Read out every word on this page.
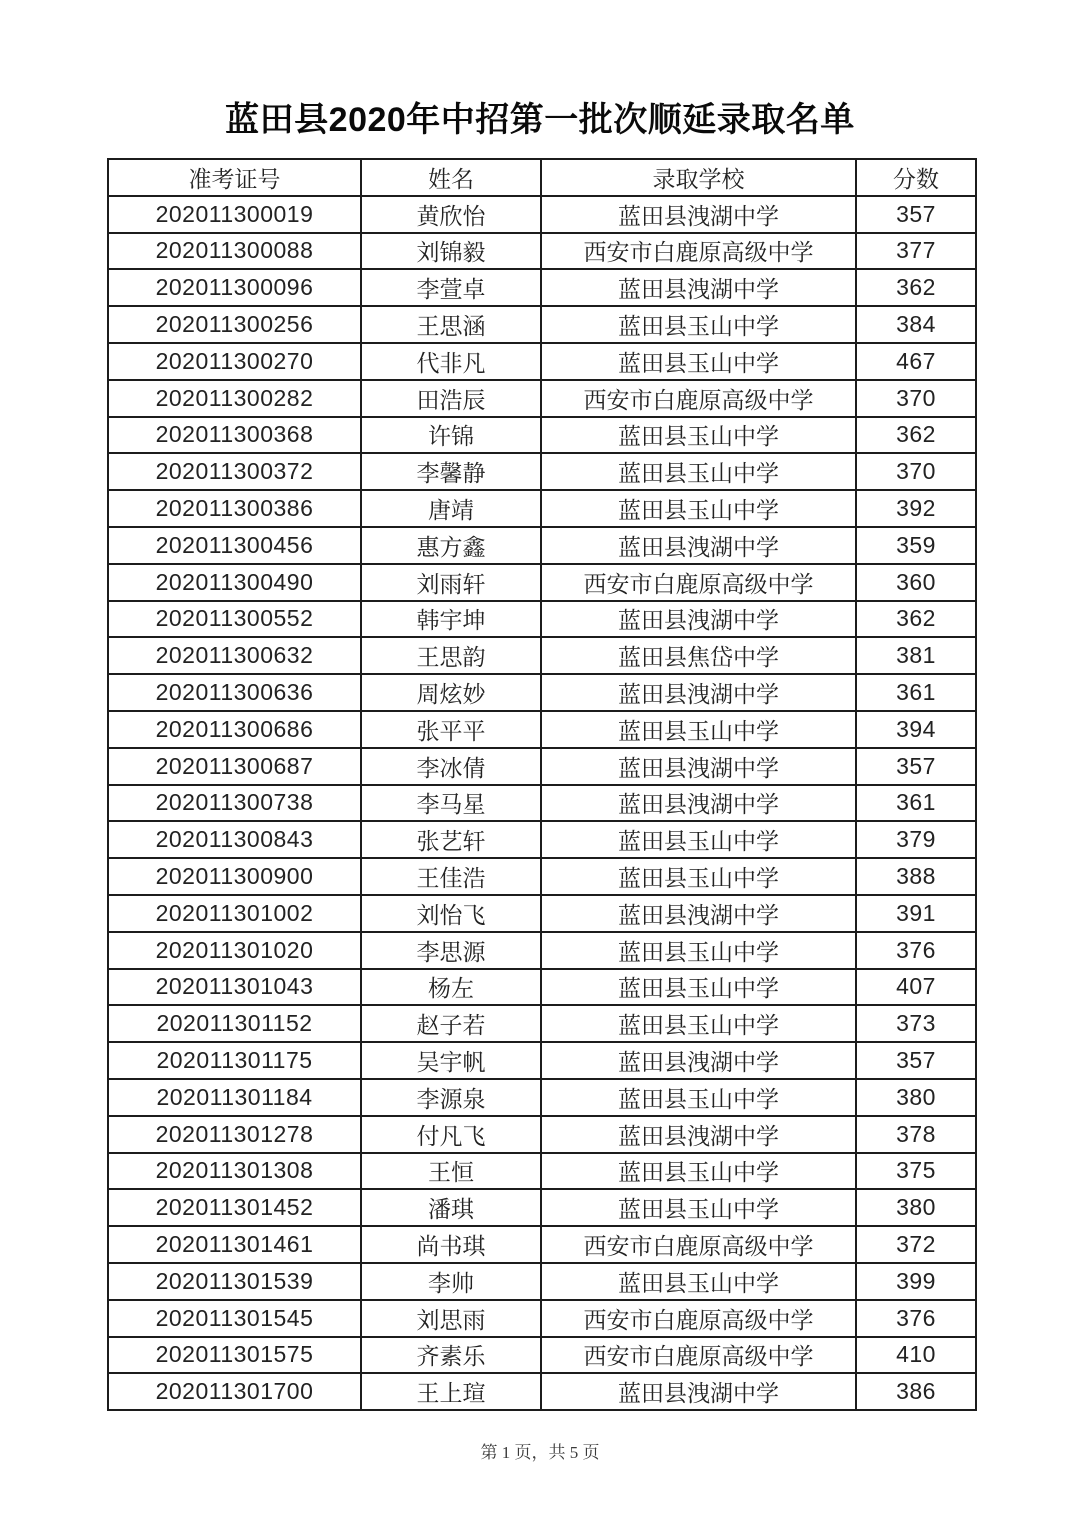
蓝田县2020年中招第一批次顺延录取名单
准考证号	姓名	录取学校	分数
202011300019	黄欣怡	蓝田县洩湖中学	357
202011300088	刘锦毅	西安市白鹿原高级中学	377
202011300096	李萱卓	蓝田县洩湖中学	362
202011300256	王思涵	蓝田县玉山中学	384
202011300270	代非凡	蓝田县玉山中学	467
202011300282	田浩辰	西安市白鹿原高级中学	370
202011300368	许锦	蓝田县玉山中学	362
202011300372	李馨静	蓝田县玉山中学	370
202011300386	唐靖	蓝田县玉山中学	392
202011300456	惠方鑫	蓝田县洩湖中学	359
202011300490	刘雨轩	西安市白鹿原高级中学	360
202011300552	韩宇坤	蓝田县洩湖中学	362
202011300632	王思韵	蓝田县焦岱中学	381
202011300636	周炫妙	蓝田县洩湖中学	361
202011300686	张平平	蓝田县玉山中学	394
202011300687	李冰倩	蓝田县洩湖中学	357
202011300738	李马星	蓝田县洩湖中学	361
202011300843	张艺轩	蓝田县玉山中学	379
202011300900	王佳浩	蓝田县玉山中学	388
202011301002	刘怡飞	蓝田县洩湖中学	391
202011301020	李思源	蓝田县玉山中学	376
202011301043	杨左	蓝田县玉山中学	407
202011301152	赵子若	蓝田县玉山中学	373
202011301175	吴宇帆	蓝田县洩湖中学	357
202011301184	李源泉	蓝田县玉山中学	380
202011301278	付凡飞	蓝田县洩湖中学	378
202011301308	王恒	蓝田县玉山中学	375
202011301452	潘琪	蓝田县玉山中学	380
202011301461	尚书琪	西安市白鹿原高级中学	372
202011301539	李帅	蓝田县玉山中学	399
202011301545	刘思雨	西安市白鹿原高级中学	376
202011301575	齐素乐	西安市白鹿原高级中学	410
202011301700	王上瑄	蓝田县洩湖中学	386
第 1 页，共 5 页
